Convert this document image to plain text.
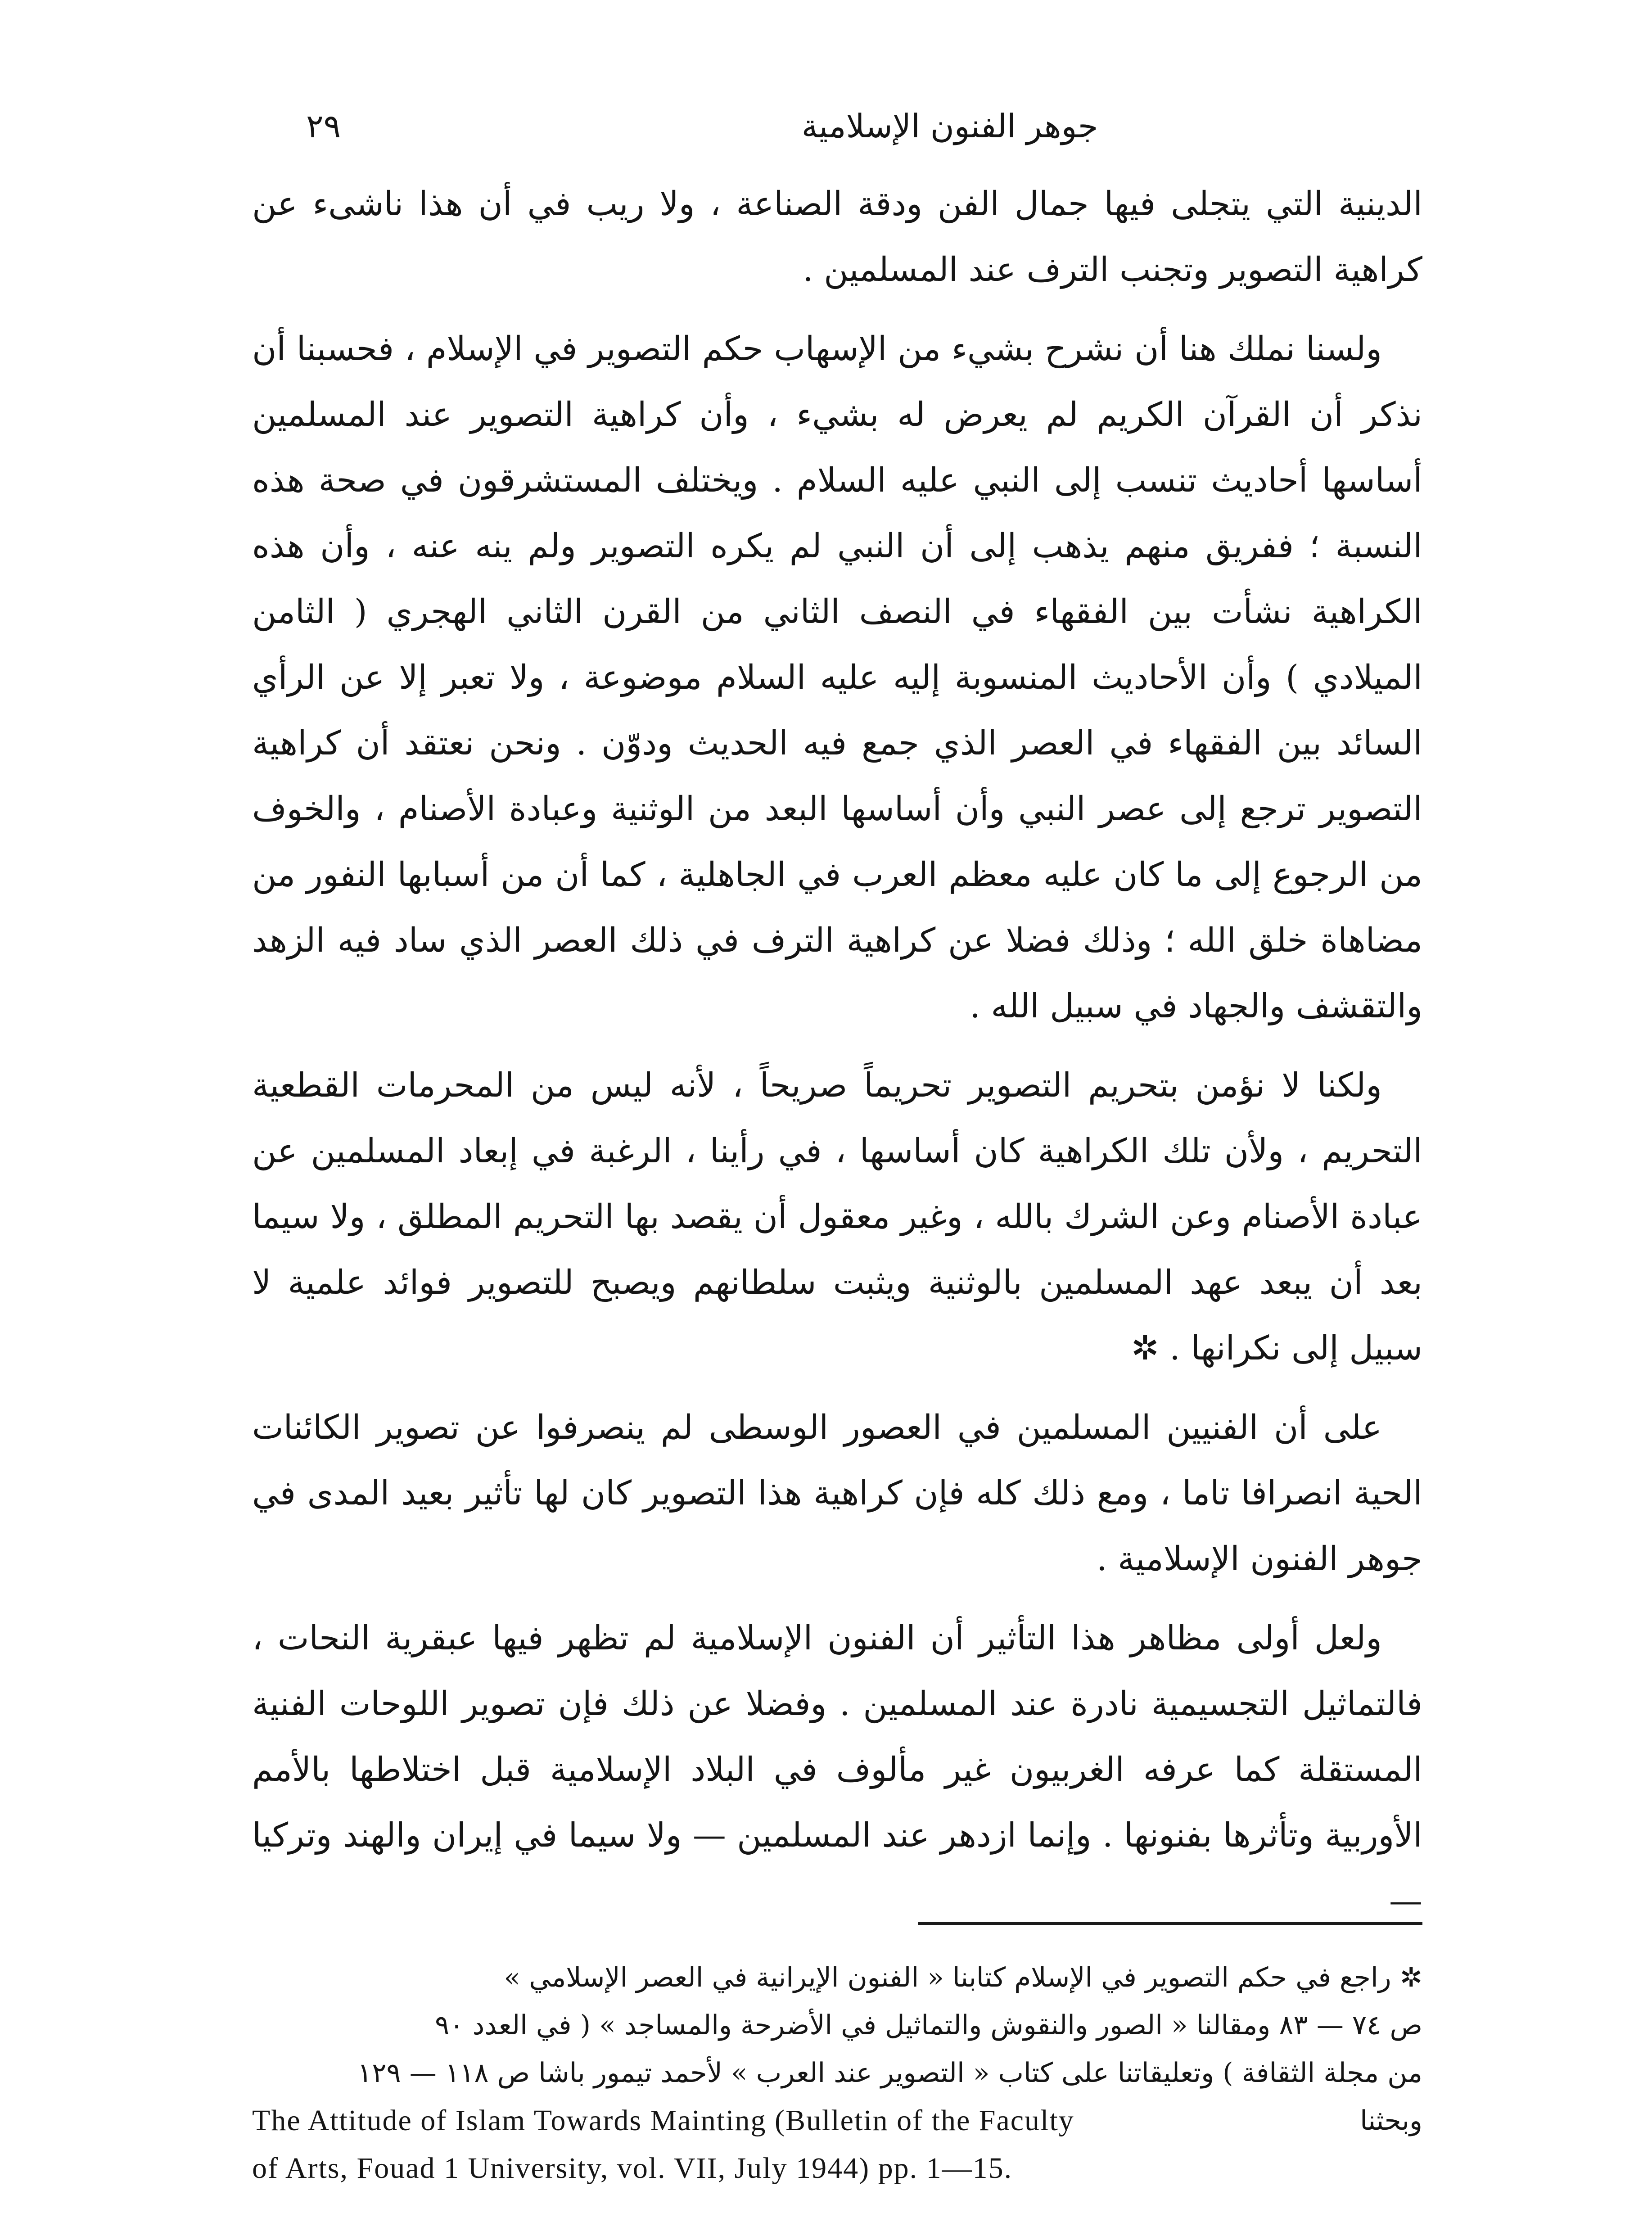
٢٩	جوهر الفنون الإسلامية

الدينية التي يتجلى فيها جمال الفن ودقة الصناعة ، ولا ريب في أن هذا ناشىء عن كراهية التصوير وتجنب الترف عند المسلمين .

ولسنا نملك هنا أن نشرح بشيء من الإسهاب حكم التصوير في الإسلام ، فحسبنا أن نذكر أن القرآن الكريم لم يعرض له بشيء ، وأن كراهية التصوير عند المسلمين أساسها أحاديث تنسب إلى النبي عليه السلام . ويختلف المستشرقون في صحة هذه النسبة ؛ ففريق منهم يذهب إلى أن النبي لم يكره التصوير ولم ينه عنه ، وأن هذه الكراهية نشأت بين الفقهاء في النصف الثاني من القرن الثاني الهجري ( الثامن الميلادي ) وأن الأحاديث المنسوبة إليه عليه السلام موضوعة ، ولا تعبر إلا عن الرأي السائد بين الفقهاء في العصر الذي جمع فيه الحديث ودوّن . ونحن نعتقد أن كراهية التصوير ترجع إلى عصر النبي وأن أساسها البعد من الوثنية وعبادة الأصنام ، والخوف من الرجوع إلى ما كان عليه معظم العرب في الجاهلية ، كما أن من أسبابها النفور من مضاهاة خلق الله ؛ وذلك فضلا عن كراهية الترف في ذلك العصر الذي ساد فيه الزهد والتقشف والجهاد في سبيل الله .

ولكنا لا نؤمن بتحريم التصوير تحريماً صريحاً ، لأنه ليس من المحرمات القطعية التحريم ، ولأن تلك الكراهية كان أساسها ، في رأينا ، الرغبة في إبعاد المسلمين عن عبادة الأصنام وعن الشرك بالله ، وغير معقول أن يقصد بها التحريم المطلق ، ولا سيما بعد أن يبعد عهد المسلمين بالوثنية ويثبت سلطانهم ويصبح للتصوير فوائد علمية لا سبيل إلى نكرانها . ✲

على أن الفنيين المسلمين في العصور الوسطى لم ينصرفوا عن تصوير الكائنات الحية انصرافا تاما ، ومع ذلك كله فإن كراهية هذا التصوير كان لها تأثير بعيد المدى في جوهر الفنون الإسلامية .

ولعل أولى مظاهر هذا التأثير أن الفنون الإسلامية لم تظهر فيها عبقرية النحات ، فالتماثيل التجسيمية نادرة عند المسلمين . وفضلا عن ذلك فإن تصوير اللوحات الفنية المستقلة كما عرفه الغربيون غير مألوف في البلاد الإسلامية قبل اختلاطها بالأمم الأوربية وتأثرها بفنونها . وإنما ازدهر عند المسلمين — ولا سيما في إيران والهند وتركيا —

✲ راجع في حكم التصوير في الإسلام كتابنا « الفنون الإيرانية في العصر الإسلامي »
ص ٧٤ — ٨٣ ومقالنا « الصور والنقوش والتماثيل في الأضرحة والمساجد » ( في العدد ٩٠
من مجلة الثقافة ) وتعليقاتنا على كتاب « التصوير عند العرب » لأحمد تيمور باشا ص ١١٨ — ١٢٩
The Attitude of Islam Towards Mainting (Bulletin of the Faculty	وبحثنا
of Arts, Fouad 1 University, vol. VII, July 1944) pp. 1—15.
